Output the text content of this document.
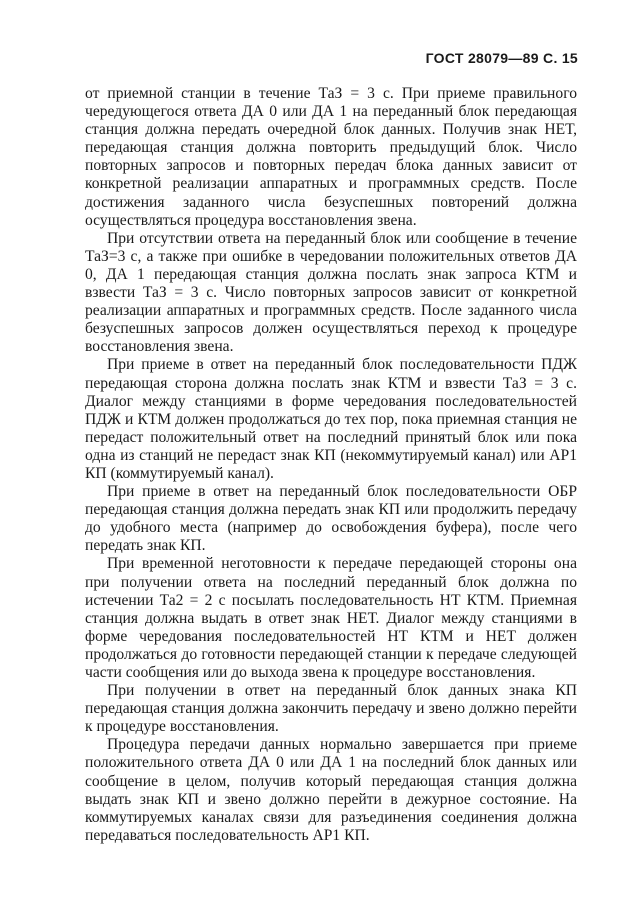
ГОСТ 28079—89 С. 15

от приемной станции в течение ТаЗ = 3 с. При приеме правильного чередующегося ответа ДА 0 или ДА 1 на переданный блок передающая станция должна передать очередной блок данных. Получив знак НЕТ, передающая станция должна повторить предыдущий блок. Число повторных запросов и повторных передач блока данных зависит от конкретной реализации аппаратных и программных средств. После достижения заданного числа безуспешных повторений должна осуществляться процедура восстановления звена.

При отсутствии ответа на переданный блок или сообщение в течение ТаЗ=3 с, а также при ошибке в чередовании положительных ответов ДА 0, ДА 1 передающая станция должна послать знак запроса КТМ и взвести ТаЗ = 3 с. Число повторных запросов зависит от конкретной реализации аппаратных и программных средств. После заданного числа безуспешных запросов должен осуществляться переход к процедуре восстановления звена.

При приеме в ответ на переданный блок последовательности ПДЖ передающая сторона должна послать знак КТМ и взвести ТаЗ = 3 с. Диалог между станциями в форме чередования последовательностей ПДЖ и КТМ должен продолжаться до тех пор, пока приемная станция не передаст положительный ответ на последний принятый блок или пока одна из станций не передаст знак КП (некоммутируемый канал) или АР1 КП (коммутируемый канал).

При приеме в ответ на переданный блок последовательности ОБР передающая станция должна передать знак КП или продолжить передачу до удобного места (например до освобождения буфера), после чего передать знак КП.

При временной неготовности к передаче передающей стороны она при получении ответа на последний переданный блок должна по истечении Та2 = 2 с посылать последовательность НТ КТМ. Приемная станция должна выдать в ответ знак НЕТ. Диалог между станциями в форме чередования последовательностей НТ КТМ и НЕТ должен продолжаться до готовности передающей станции к передаче следующей части сообщения или до выхода звена к процедуре восстановления.

При получении в ответ на переданный блок данных знака КП передающая станция должна закончить передачу и звено должно перейти к процедуре восстановления.

Процедура передачи данных нормально завершается при приеме положительного ответа ДА 0 или ДА 1 на последний блок данных или сообщение в целом, получив который передающая станция должна выдать знак КП и звено должно перейти в дежурное состояние. На коммутируемых каналах связи для разъединения соединения должна передаваться последовательность АР1 КП.
